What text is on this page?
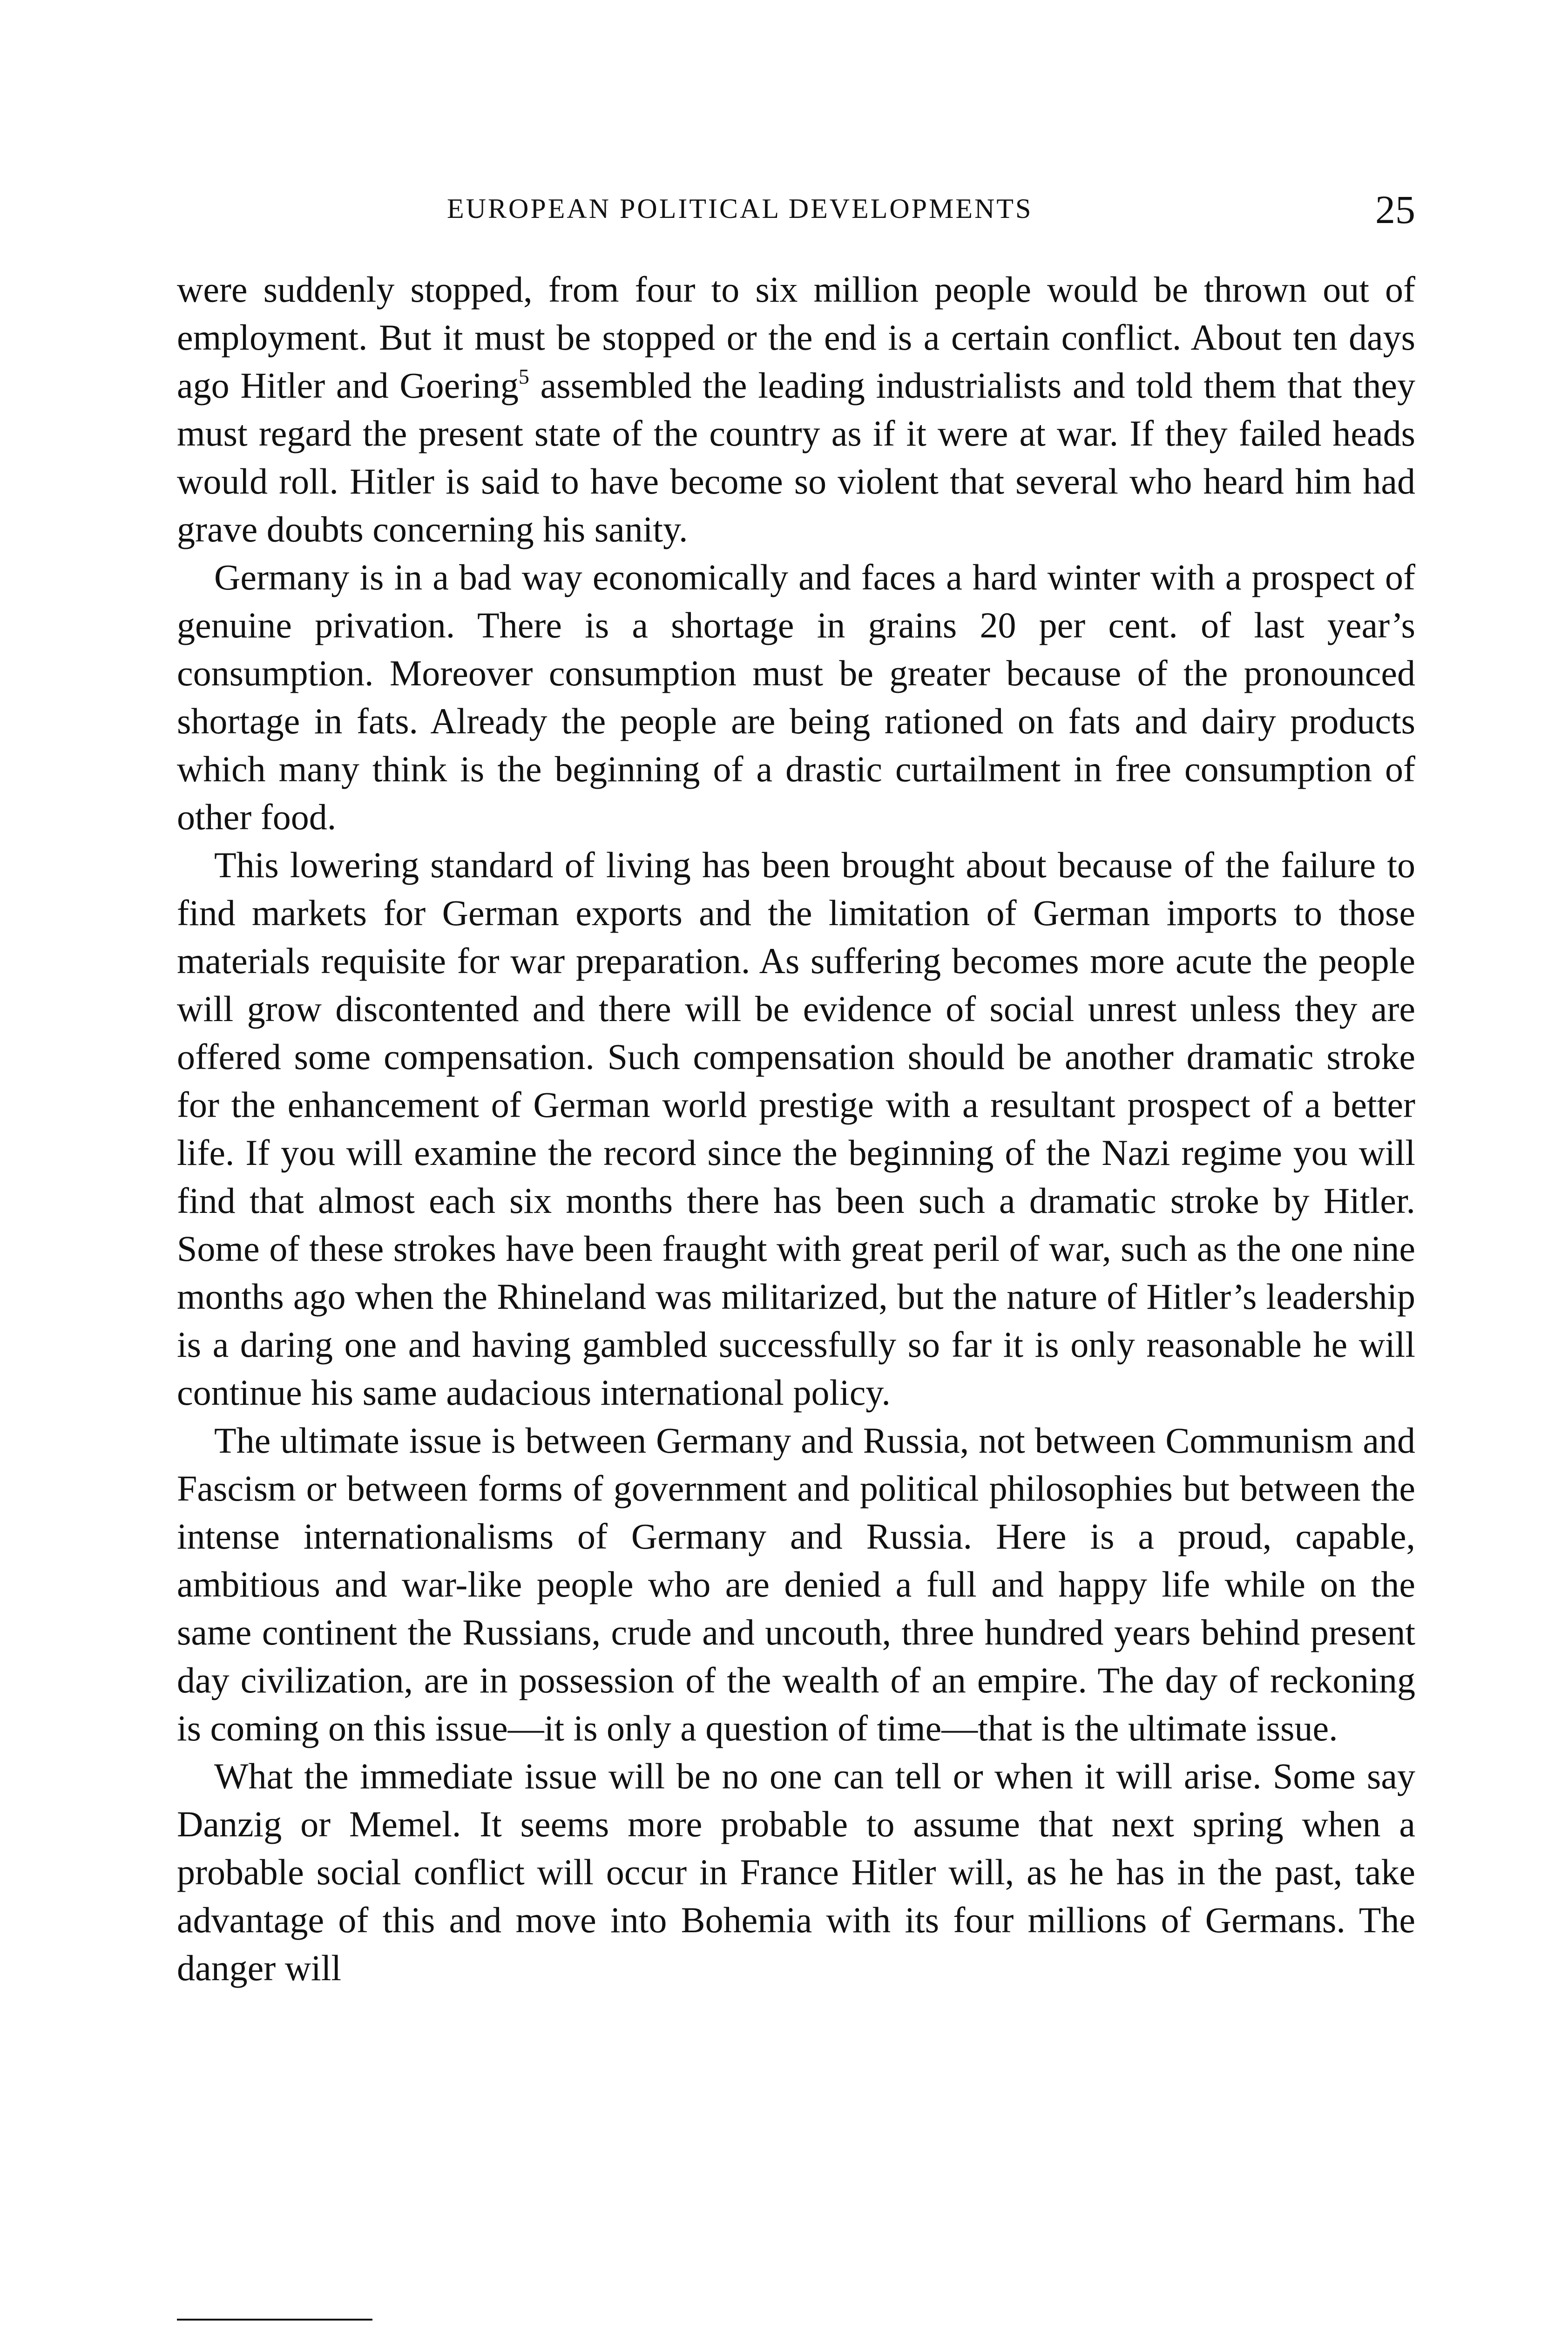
EUROPEAN POLITICAL DEVELOPMENTS	25

were suddenly stopped, from four to six million people would be thrown out of employment. But it must be stopped or the end is a certain conflict. About ten days ago Hitler and Goering$^5$ assembled the leading industrialists and told them that they must regard the present state of the country as if it were at war. If they failed heads would roll. Hitler is said to have become so violent that several who heard him had grave doubts concerning his sanity.

Germany is in a bad way economically and faces a hard winter with a prospect of genuine privation. There is a shortage in grains 20 per cent. of last year’s consumption. Moreover consumption must be greater because of the pronounced shortage in fats. Already the people are being rationed on fats and dairy products which many think is the beginning of a drastic curtailment in free consumption of other food.

This lowering standard of living has been brought about because of the failure to find markets for German exports and the limitation of German imports to those materials requisite for war preparation. As suffering becomes more acute the people will grow discontented and there will be evidence of social unrest unless they are offered some compensation. Such compensation should be another dramatic stroke for the enhancement of German world prestige with a resultant prospect of a better life. If you will examine the record since the beginning of the Nazi regime you will find that almost each six months there has been such a dramatic stroke by Hitler. Some of these strokes have been fraught with great peril of war, such as the one nine months ago when the Rhineland was militarized, but the nature of Hitler’s leadership is a daring one and having gambled successfully so far it is only reasonable he will continue his same audacious international policy.

The ultimate issue is between Germany and Russia, not between Communism and Fascism or between forms of government and political philosophies but between the intense internationalisms of Germany and Russia. Here is a proud, capable, ambitious and war-like people who are denied a full and happy life while on the same continent the Russians, crude and uncouth, three hundred years behind present day civilization, are in possession of the wealth of an empire. The day of reckoning is coming on this issue—it is only a question of time—that is the ultimate issue.

What the immediate issue will be no one can tell or when it will arise. Some say Danzig or Memel. It seems more probable to assume that next spring when a probable social conflict will occur in France Hitler will, as he has in the past, take advantage of this and move into Bohemia with its four millions of Germans. The danger will
